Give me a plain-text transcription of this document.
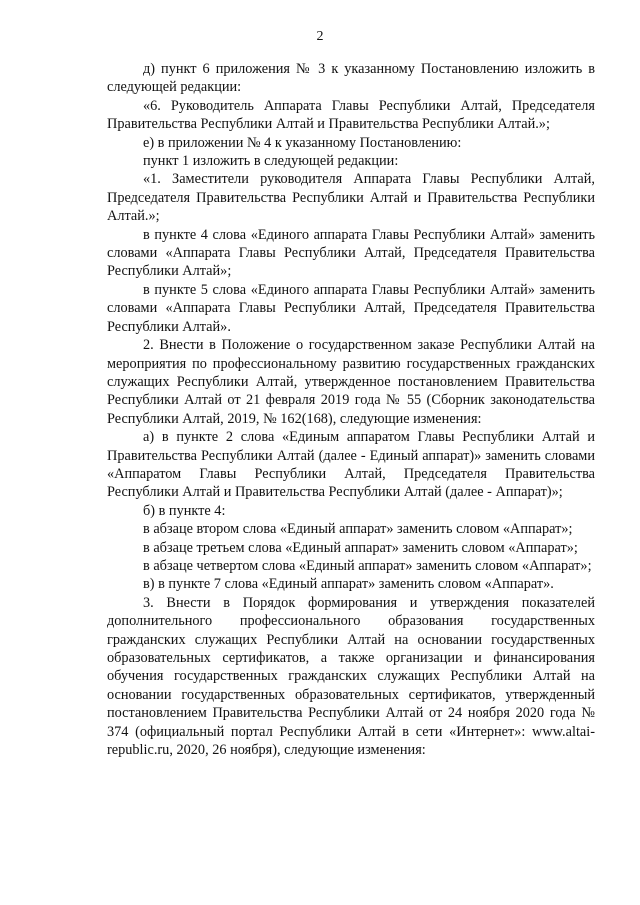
2

д) пункт 6 приложения № 3 к указанному Постановлению изложить в следующей редакции:

«6. Руководитель Аппарата Главы Республики Алтай, Председателя Правительства Республики Алтай и Правительства Республики Алтай.»;

е) в приложении № 4 к указанному Постановлению:

пункт 1 изложить в следующей редакции:

«1. Заместители руководителя Аппарата Главы Республики Алтай, Председателя Правительства Республики Алтай и Правительства Республики Алтай.»;

в пункте 4 слова «Единого аппарата Главы Республики Алтай» заменить словами «Аппарата Главы Республики Алтай, Председателя Правительства Республики Алтай»;

в пункте 5 слова «Единого аппарата Главы Республики Алтай» заменить словами «Аппарата Главы Республики Алтай, Председателя Правительства Республики Алтай».

2. Внести в Положение о государственном заказе Республики Алтай на мероприятия по профессиональному развитию государственных гражданских служащих Республики Алтай, утвержденное постановлением Правительства Республики Алтай от 21 февраля 2019 года № 55 (Сборник законодательства Республики Алтай, 2019, № 162(168), следующие изменения:

а) в пункте 2 слова «Единым аппаратом Главы Республики Алтай и Правительства Республики Алтай (далее - Единый аппарат)» заменить словами «Аппаратом Главы Республики Алтай, Председателя Правительства Республики Алтай и Правительства Республики Алтай (далее - Аппарат)»;

б) в пункте 4:

в абзаце втором слова «Единый аппарат» заменить словом «Аппарат»;

в абзаце третьем слова «Единый аппарат» заменить словом «Аппарат»;

в абзаце четвертом слова «Единый аппарат» заменить словом «Аппарат»;

в) в пункте 7 слова «Единый аппарат» заменить словом «Аппарат».

3. Внести в Порядок формирования и утверждения показателей дополнительного профессионального образования государственных гражданских служащих Республики Алтай на основании государственных образовательных сертификатов, а также организации и финансирования обучения государственных гражданских служащих Республики Алтай на основании государственных образовательных сертификатов, утвержденный постановлением Правительства Республики Алтай от 24 ноября 2020 года № 374 (официальный портал Республики Алтай в сети «Интернет»: www.altai-republic.ru, 2020, 26 ноября), следующие изменения:
